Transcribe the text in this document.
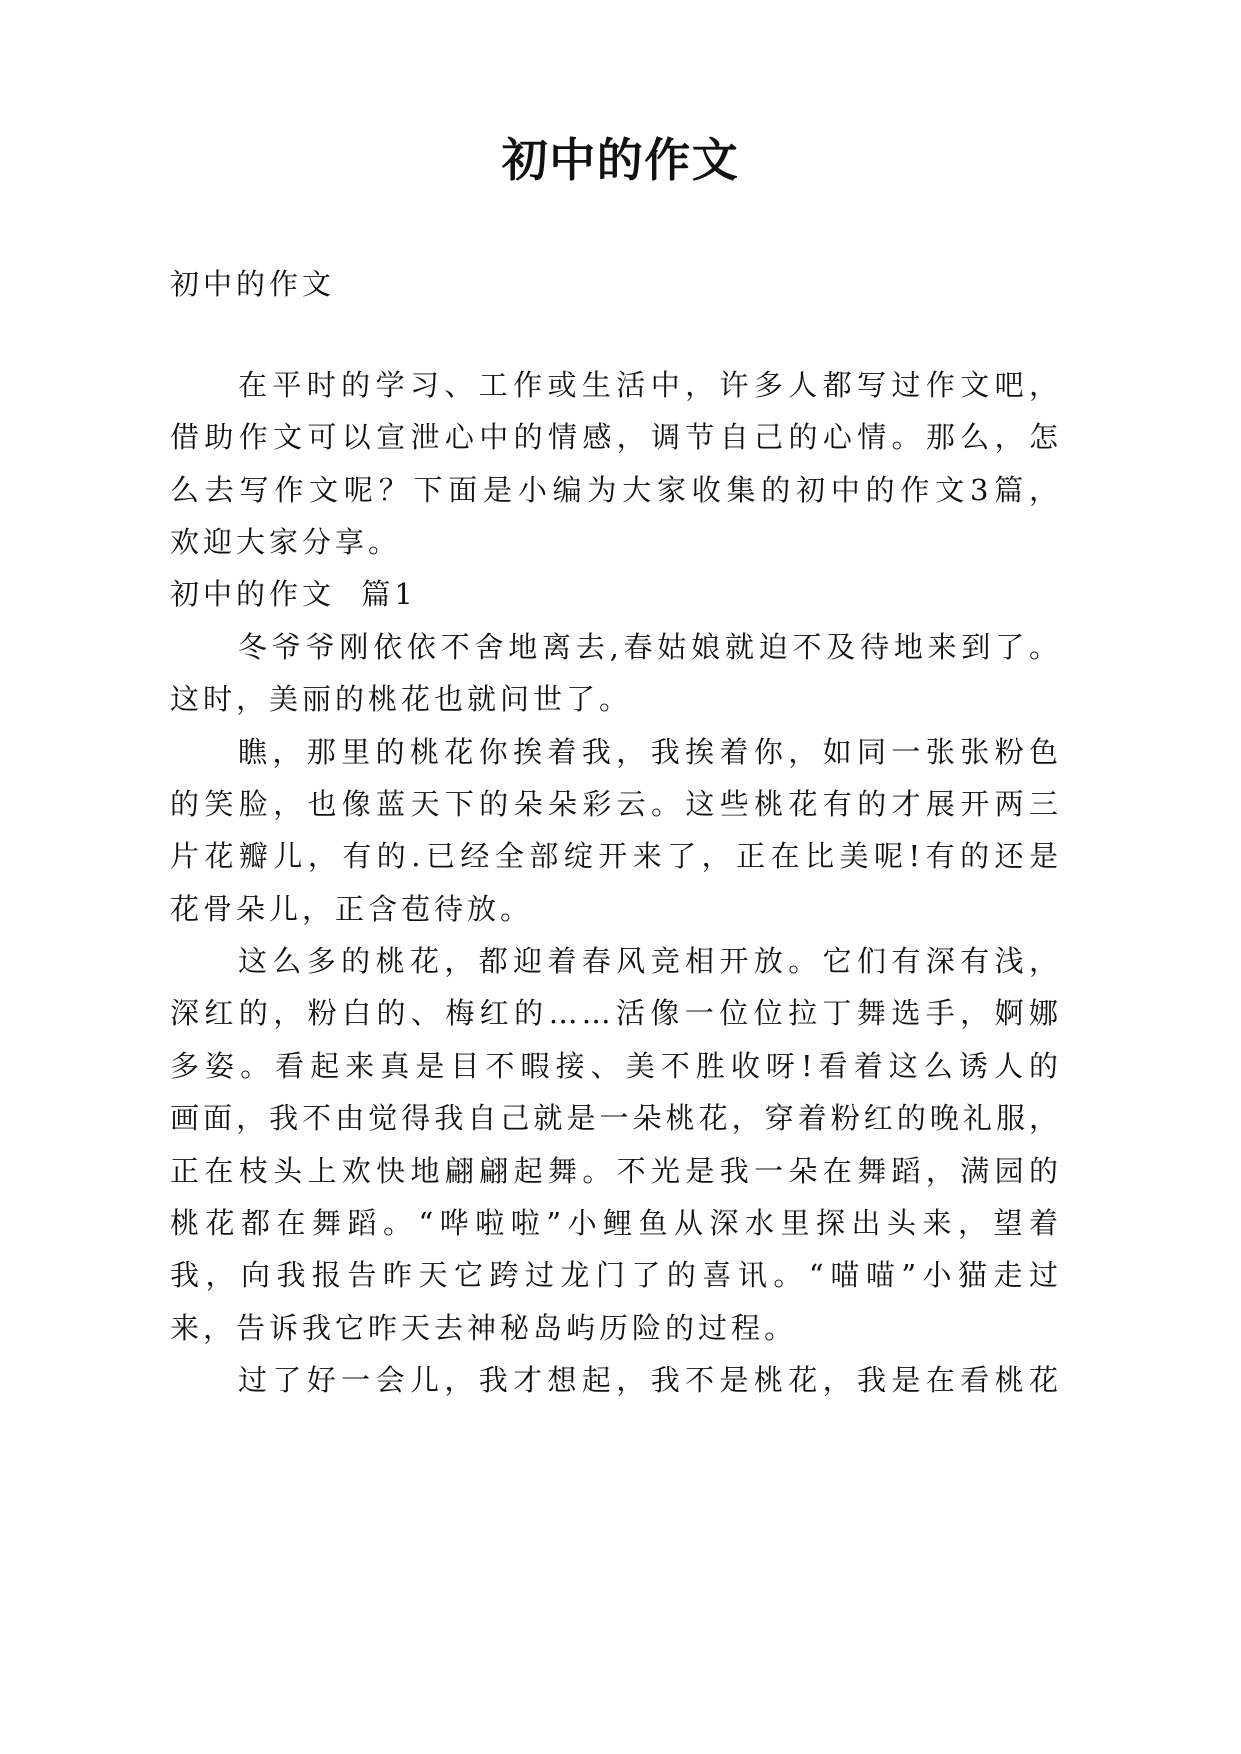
初中的作文
初中的作文
在平时的学习、工作或生活中，许多人都写过作文吧，
借助作文可以宣泄心中的情感，调节自己的心情。那么，怎
么去写作文呢？下面是小编为大家收集的初中的作文3篇，
欢迎大家分享。
初中的作文  篇1
冬爷爷刚依依不舍地离去,春姑娘就迫不及待地来到了。
这时，美丽的桃花也就问世了。
瞧，那里的桃花你挨着我，我挨着你，如同一张张粉色
的笑脸，也像蓝天下的朵朵彩云。这些桃花有的才展开两三
片花瓣儿，有的.已经全部绽开来了，正在比美呢!有的还是
花骨朵儿，正含苞待放。
这么多的桃花，都迎着春风竞相开放。它们有深有浅，
深红的，粉白的、梅红的……活像一位位拉丁舞选手，婀娜
多姿。看起来真是目不暇接、美不胜收呀!看着这么诱人的
画面，我不由觉得我自己就是一朵桃花，穿着粉红的晚礼服，
正在枝头上欢快地翩翩起舞。不光是我一朵在舞蹈，满园的
桃花都在舞蹈。“哗啦啦”小鲤鱼从深水里探出头来，望着
我，向我报告昨天它跨过龙门了的喜讯。“喵喵”小猫走过
来，告诉我它昨天去神秘岛屿历险的过程。
过了好一会儿，我才想起，我不是桃花，我是在看桃花
